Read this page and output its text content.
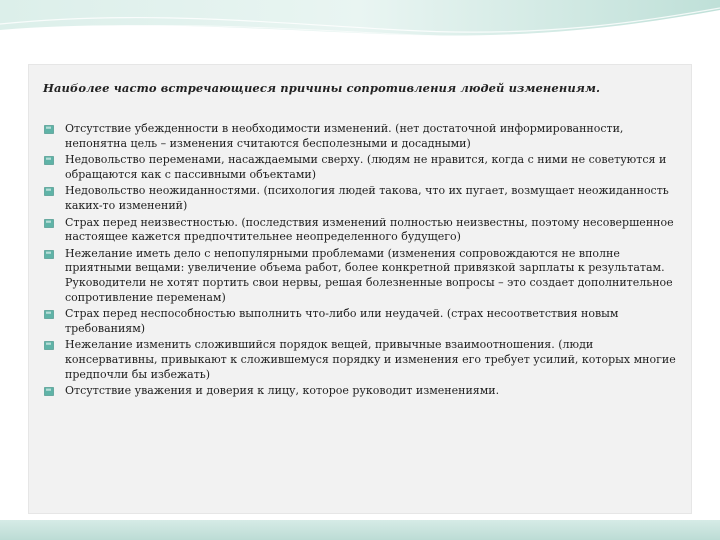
Наиболее часто встречающиеся причины сопротивления людей изменениям.

Отсутствие убежденности в необходимости изменений. (нет достаточной информированности, непонятна цель – изменения считаются бесполезными и досадными)
Недовольство переменами, насаждаемыми сверху. (людям не нравится, когда с ними не советуются и обращаются как с пассивными объектами)
Недовольство неожиданностями. (психология людей такова, что их пугает, возмущает неожиданность каких-то изменений)
Страх перед неизвестностью. (последствия изменений полностью неизвестны, поэтому несовершенное настоящее кажется предпочтительнее неопределенного будущего)
Нежелание иметь дело с непопулярными проблемами (изменения сопровождаются не вполне приятными вещами: увеличение объема работ, более конкретной привязкой зарплаты к результатам. Руководители не хотят портить свои нервы, решая болезненные вопросы – это создает дополнительное сопротивление переменам)
Страх перед неспособностью выполнить что-либо или неудачей. (страх несоответствия новым требованиям)
Нежелание изменить сложившийся порядок вещей, привычные взаимоотношения. (люди консервативны, привыкают к сложившемуся порядку и изменения его требует усилий, которых многие предпочли бы избежать)
Отсутствие уважения и доверия к лицу, которое руководит изменениями.
